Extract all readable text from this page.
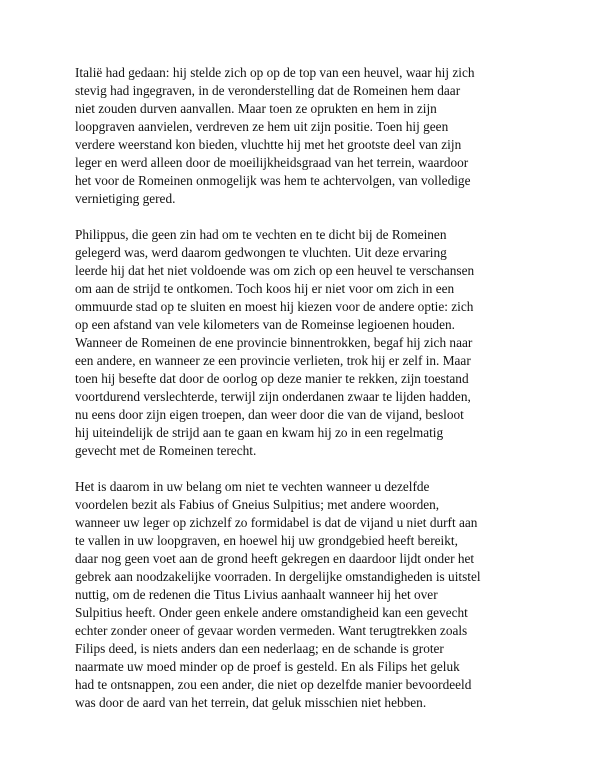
Italië had gedaan: hij stelde zich op op de top van een heuvel, waar hij zich
stevig had ingegraven, in de veronderstelling dat de Romeinen hem daar
niet zouden durven aanvallen. Maar toen ze oprukten en hem in zijn
loopgraven aanvielen, verdreven ze hem uit zijn positie. Toen hij geen
verdere weerstand kon bieden, vluchtte hij met het grootste deel van zijn
leger en werd alleen door de moeilijkheidsgraad van het terrein, waardoor
het voor de Romeinen onmogelijk was hem te achtervolgen, van volledige
vernietiging gered.

Philippus, die geen zin had om te vechten en te dicht bij de Romeinen
gelegerd was, werd daarom gedwongen te vluchten. Uit deze ervaring
leerde hij dat het niet voldoende was om zich op een heuvel te verschansen
om aan de strijd te ontkomen. Toch koos hij er niet voor om zich in een
ommuurde stad op te sluiten en moest hij kiezen voor de andere optie: zich
op een afstand van vele kilometers van de Romeinse legioenen houden.
Wanneer de Romeinen de ene provincie binnentrokken, begaf hij zich naar
een andere, en wanneer ze een provincie verlieten, trok hij er zelf in. Maar
toen hij besefte dat door de oorlog op deze manier te rekken, zijn toestand
voortdurend verslechterde, terwijl zijn onderdanen zwaar te lijden hadden,
nu eens door zijn eigen troepen, dan weer door die van de vijand, besloot
hij uiteindelijk de strijd aan te gaan en kwam hij zo in een regelmatig
gevecht met de Romeinen terecht.

Het is daarom in uw belang om niet te vechten wanneer u dezelfde
voordelen bezit als Fabius of Gneius Sulpitius; met andere woorden,
wanneer uw leger op zichzelf zo formidabel is dat de vijand u niet durft aan
te vallen in uw loopgraven, en hoewel hij uw grondgebied heeft bereikt,
daar nog geen voet aan de grond heeft gekregen en daardoor lijdt onder het
gebrek aan noodzakelijke voorraden. In dergelijke omstandigheden is uitstel
nuttig, om de redenen die Titus Livius aanhaalt wanneer hij het over
Sulpitius heeft. Onder geen enkele andere omstandigheid kan een gevecht
echter zonder oneer of gevaar worden vermeden. Want terugtrekken zoals
Filips deed, is niets anders dan een nederlaag; en de schande is groter
naarmate uw moed minder op de proef is gesteld. En als Filips het geluk
had te ontsnappen, zou een ander, die niet op dezelfde manier bevoordeeld
was door de aard van het terrein, dat geluk misschien niet hebben.
